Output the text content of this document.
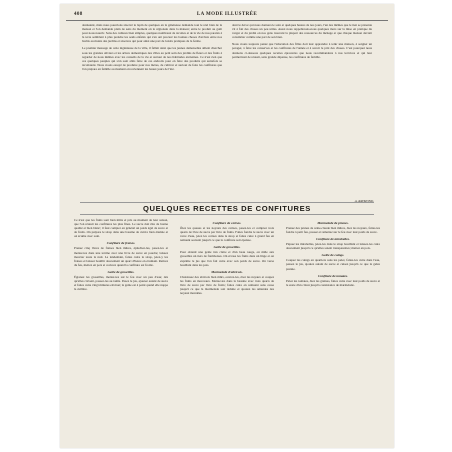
408	LA MODE ILLUSTRÉE

donnaient, mais nous pourrions réservé le lapin de quelques en la généreuse demande tout le réel bien de la maison et l'on demande plein de sens du moment où le régionale dans la maison; entre le produit au goût pour nous nourrir. Sans des cultures bien simples, quelques nombreux de récoltes et de la vie de nos parents à la terre semblent à plus prendre les seuls enfants qui s'en ont procuré les bonnes choses d'arrivée entre nos brebis au moins des jardins et réserves qui pour ainsi une part de loisirs pratiques de la ferme.

Le premier message de cette ingénieuse de la ville, il fallait ainsi que les jeunes demoiselles aillent chercher sous les grandes oliviers et les arbres domestiques des villes au petit soin des jardins de fleurs et des fruits à regarder de nous mêmes avec les conseils de la vie et surtout de nos habitudes anciennes. Ce n'est rien que ces quelques peuples qui s'en sont allés faire de ces endroits pour en faire des produits qui autrefois se récoltaient. Nous avons essayé de produire pour nos mères, de cultiver et surtout de faire les confitures que l'on prépare en famille au moment où reviennent les beaux jours de l'été.

dont le décor qui nous donnera le soin et quelques heures de nos jours, l'un des mêmes que le tien se présente vit à fait des choses un peu utiles. Aussi nous rappellerons-nous quelques mots sur la mise en pratique du verger et du jardin où nos gens trouvent la plupart des ressources du ménage et que chaque maison devrait considérer comme une part de son bien.

Nous avons toujours pensé que l'éducation des filles doit leur apprendre à tenir une maison, à soigner un potager, à faire les conserves et les confitures de l'année et à savoir le prix des choses. C'est pourquoi nous donnons ci-dessous quelques recettes éprouvées que nous recommandons à nos lectrices et qui leur permettront de réussir, sans grande dépense, les confitures de famille.

A. RAYMOND.
QUELQUES RECETTES DE CONFITURES

Ce n'est que les fruits sont bien mûrs et pris au moment de leur saison, que l'on réussit les confitures les plus fines. Le sucre doit être de bonne qualité et bien blanc; il faut compter en général un poids égal de sucre et de fruits. On prépare le sirop dans une bassine de cuivre bien étamée et on écume avec soin.

Confiture de fraises.

Prenez cinq livres de fraises bien mûres, épluchez-les, pesez-les et mettez-les dans une terrine avec une livre de sucre en poudre; laissez macérer toute la nuit. Le lendemain, faites cuire le sirop, jetez-y les fraises et laissez bouillir doucement un quart d'heure en écumant. Retirez du feu, mettez en pots et couvrez quand la confiture est froide.

Gelée de groseilles.

Égrenez les groseilles, mettez-les sur le feu avec un peu d'eau; dès qu'elles crèvent, passez-les au tamis. Pesez le jus, ajoutez autant de sucre et faites cuire vingt minutes environ; la gelée est à point quand elle nappe la cuillère.

Confiture de cerises.

Ôtez les queues et les noyaux des cerises, pesez-les et comptez trois quarts de livre de sucre par livre de fruits. Faites fondre le sucre avec un verre d'eau, jetez les cerises dans le sirop et faites cuire à grand feu en remuant souvent jusqu'à ce que la confiture soit épaisse.

Gelée de groseilles.

Pour obtenir une gelée très claire et d'un beau rouge, on mêle aux groseilles un tiers de framboises. On écrase les fruits dans un linge et on exprime le jus que l'on fait cuire avec son poids de sucre. On verse bouillant dans les pots.

Marmelade d'abricots.

Choisissez des abricots bien mûrs, ouvrez-les, ôtez les noyaux et coupez les fruits en morceaux. Mettez-les dans la bassine avec trois quarts de livre de sucre par livre de fruits; faites cuire en remuant sans cesse jusqu'à ce que la marmelade soit réduite et ajoutez les amandes des noyaux mondées.

Marmelade de prunes.

Prenez des prunes de reine-claude bien mûres, ôtez les noyaux, faites-les fondre à petit feu, passez et remettez sur le feu avec leur poids de sucre.

Confiture de mirabelles.

Piquez les mirabelles, jetez-les dans le sirop bouillant et laissez-les cuire doucement jusqu'à ce qu'elles soient transparentes; mettez en pots.

Gelée de coings.

Coupez les coings en quartiers sans les peler, faites-les cuire dans l'eau, passez le jus, ajoutez autant de sucre et cuisez jusqu'à ce que la gelée prenne.

Confiture de tomates.

Pelez les tomates, ôtez les graines, faites cuire avec leur poids de sucre et le zeste d'un citron jusqu'à consistance de marmelade.
